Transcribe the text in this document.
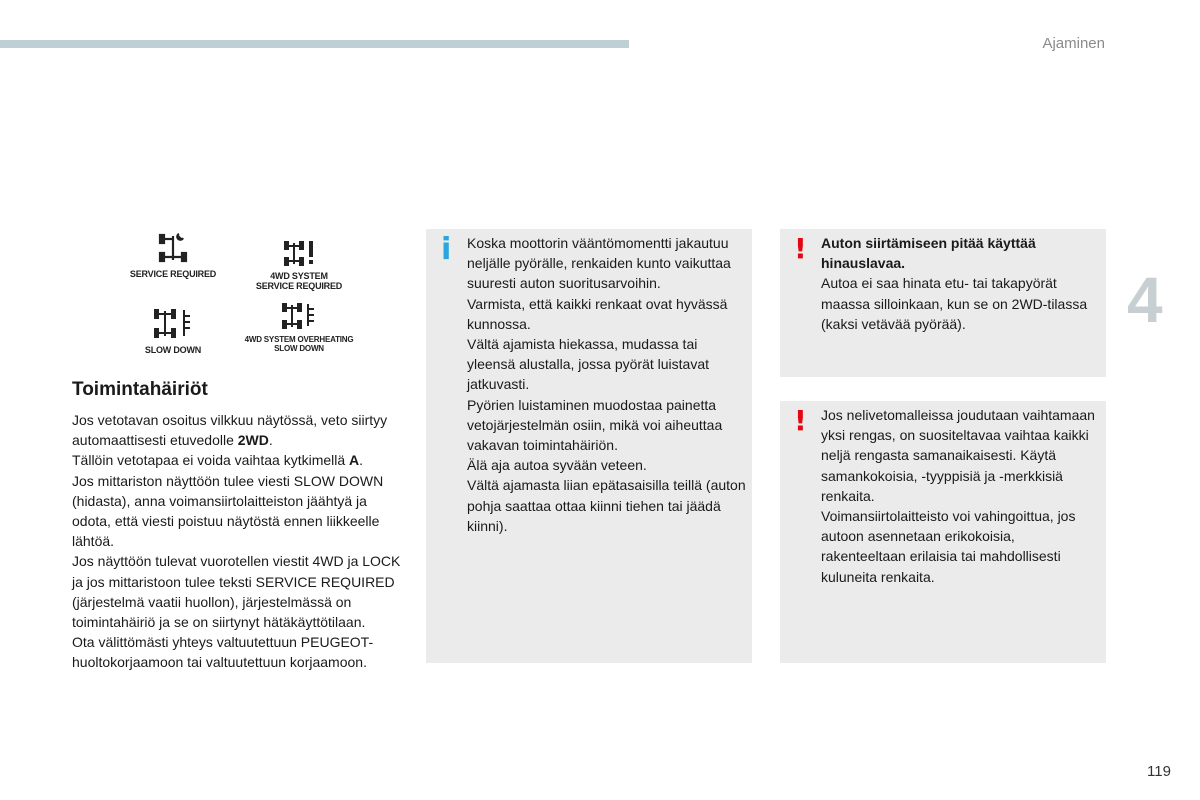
Ajaminen
4
119
SERVICE REQUIRED	4WD SYSTEM
SERVICE REQUIRED
SLOW DOWN
4WD SYSTEM OVERHEATING
SLOW DOWN
Toimintahäiriöt

Jos vetotavan osoitus vilkkuu näytössä, veto siirtyy automaattisesti etuvedolle 2WD.

Tällöin vetotapaa ei voida vaihtaa kytkimellä A.

Jos mittariston näyttöön tulee viesti SLOW DOWN (hidasta), anna voimansiirtolaitteiston jäähtyä ja odota, että viesti poistuu näytöstä ennen liikkeelle lähtöä.

Jos näyttöön tulevat vuorotellen viestit 4WD ja LOCK ja jos mittaristoon tulee teksti SERVICE REQUIRED (järjestelmä vaatii huollon), järjestelmässä on toimintahäiriö ja se on siirtynyt hätäkäyttötilaan.

Ota välittömästi yhteys valtuutettuun PEUGEOT-huoltokorjaamoon tai valtuutettuun korjaamoon.

i Koska moottorin vääntömomentti jakautuu neljälle pyörälle, renkaiden kunto vaikuttaa suuresti auton suoritusarvoihin.

Varmista, että kaikki renkaat ovat hyvässä kunnossa.

Vältä ajamista hiekassa, mudassa tai yleensä alustalla, jossa pyörät luistavat jatkuvasti.

Pyörien luistaminen muodostaa painetta vetojärjestelmän osiin, mikä voi aiheuttaa vakavan toimintahäiriön.

Älä aja autoa syvään veteen.

Vältä ajamasta liian epätasaisilla teillä (auton pohja saattaa ottaa kiinni tiehen tai jäädä kiinni).

! Auton siirtämiseen pitää käyttää hinauslavaa.

Autoa ei saa hinata etu- tai takapyörät maassa silloinkaan, kun se on 2WD-tilassa (kaksi vetävää pyörää).

! Jos nelivetomalleissa joudutaan vaihtamaan yksi rengas, on suositeltavaa vaihtaa kaikki neljä rengasta samanaikaisesti. Käytä samankokoisia, -tyyppisiä ja -merkkisiä renkaita.

Voimansiirtolaitteisto voi vahingoittua, jos autoon asennetaan erikokoisia, rakenteeltaan erilaisia tai mahdollisesti kuluneita renkaita.
